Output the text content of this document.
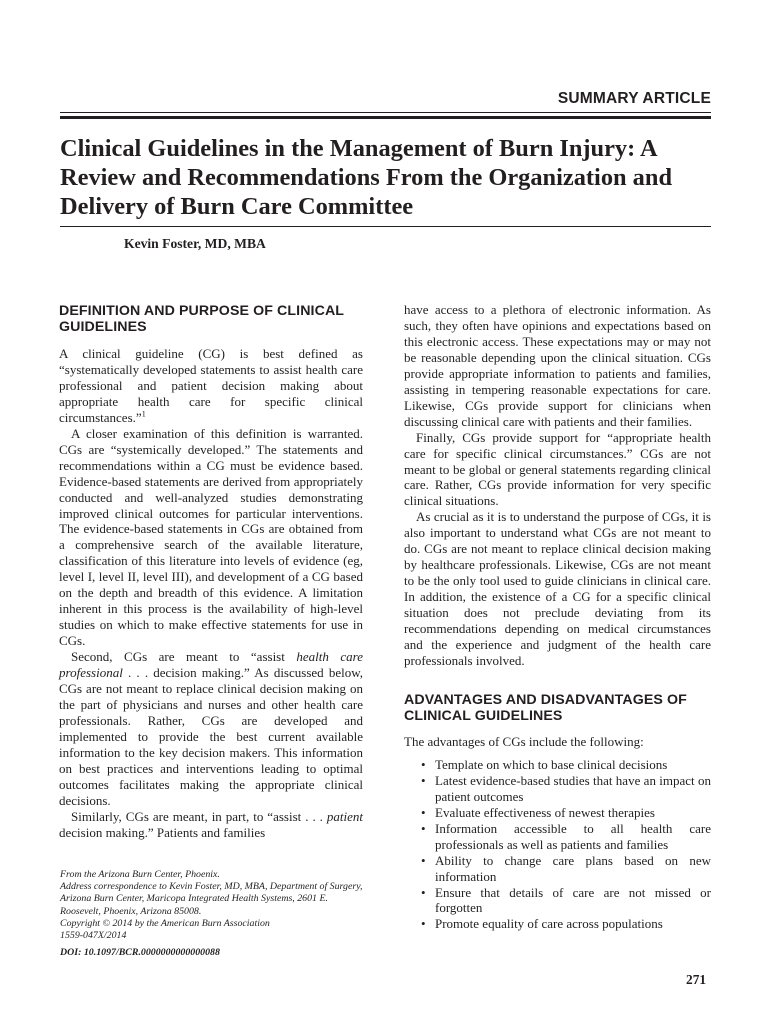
SUMMARY ARTICLE
Clinical Guidelines in the Management of Burn Injury: A Review and Recommendations From the Organization and Delivery of Burn Care Committee
Kevin Foster, MD, MBA
DEFINITION AND PURPOSE OF CLINICAL GUIDELINES

A clinical guideline (CG) is best defined as “systematically developed statements to assist health care professional and patient decision making about appropriate health care for specific clinical circumstances.”$^1$

A closer examination of this definition is warranted. CGs are “systemically developed.” The statements and recommendations within a CG must be evidence based. Evidence-based statements are derived from appropriately conducted and well-analyzed studies demonstrating improved clinical outcomes for particular interventions. The evidence-based statements in CGs are obtained from a comprehensive search of the available literature, classification of this literature into levels of evidence (eg, level I, level II, level III), and development of a CG based on the depth and breadth of this evidence. A limitation inherent in this process is the availability of high-level studies on which to make effective statements for use in CGs.

Second, CGs are meant to “assist health care professional . . . decision making.” As discussed below, CGs are not meant to replace clinical decision making on the part of physicians and nurses and other health care professionals. Rather, CGs are developed and implemented to provide the best current available information to the key decision makers. This information on best practices and interventions leading to optimal outcomes facilitates making the appropriate clinical decisions.

Similarly, CGs are meant, in part, to “assist . . . patient decision making.” Patients and families

From the Arizona Burn Center, Phoenix.
Address correspondence to Kevin Foster, MD, MBA, Department of Surgery, Arizona Burn Center, Maricopa Integrated Health Systems, 2601 E. Roosevelt, Phoenix, Arizona 85008.
Copyright © 2014 by the American Burn Association
1559-047X/2014
DOI: 10.1097/BCR.0000000000000088

have access to a plethora of electronic information. As such, they often have opinions and expectations based on this electronic access. These expectations may or may not be reasonable depending upon the clinical situation. CGs provide appropriate information to patients and families, assisting in tempering reasonable expectations for care. Likewise, CGs provide support for clinicians when discussing clinical care with patients and their families.

Finally, CGs provide support for “appropriate health care for specific clinical circumstances.” CGs are not meant to be global or general statements regarding clinical care. Rather, CGs provide information for very specific clinical situations.

As crucial as it is to understand the purpose of CGs, it is also important to understand what CGs are not meant to do. CGs are not meant to replace clinical decision making by healthcare professionals. Likewise, CGs are not meant to be the only tool used to guide clinicians in clinical care. In addition, the existence of a CG for a specific clinical situation does not preclude deviating from its recommendations depending on medical circumstances and the experience and judgment of the health care professionals involved.

ADVANTAGES AND DISADVANTAGES OF CLINICAL GUIDELINES

The advantages of CGs include the following:

• Template on which to base clinical decisions
• Latest evidence-based studies that have an impact on patient outcomes
• Evaluate effectiveness of newest therapies
• Information accessible to all health care professionals as well as patients and families
• Ability to change care plans based on new information
• Ensure that details of care are not missed or forgotten
• Promote equality of care across populations
271
